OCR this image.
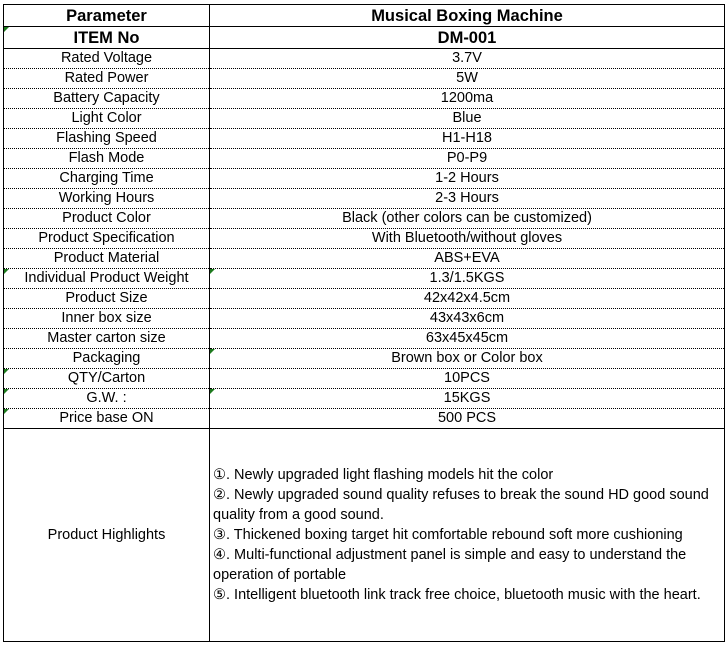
Parameter	Musical Boxing Machine

ITEM No	DM-001
Rated Voltage	3.7V
Rated Power	5W
Battery Capacity	1200ma
Light Color	Blue
Flashing Speed	H1-H18
Flash Mode	P0-P9
Charging Time	1-2 Hours
Working Hours	2-3 Hours
Product Color	Black (other colors can be customized)
Product Specification	With Bluetooth/without gloves
Product Material	ABS+EVA

Individual Product Weight	1.3/1.5KGS
Product Size	42x42x4.5cm
Inner box size	43x43x6cm
Master carton size	63x45x45cm
Packaging	Brown box or Color box

QTY/Carton	10PCS

G.W. :	15KGS

Price base ON	500 PCS
Product Highlights	①. Newly upgraded light flashing models hit the color
②. Newly upgraded sound quality refuses to break the sound HD good sound quality from a good sound.
③. Thickened boxing target hit comfortable rebound soft more cushioning
④. Multi-functional adjustment panel is simple and easy to understand the operation of portable
⑤. Intelligent bluetooth link track free choice, bluetooth music with the heart.
